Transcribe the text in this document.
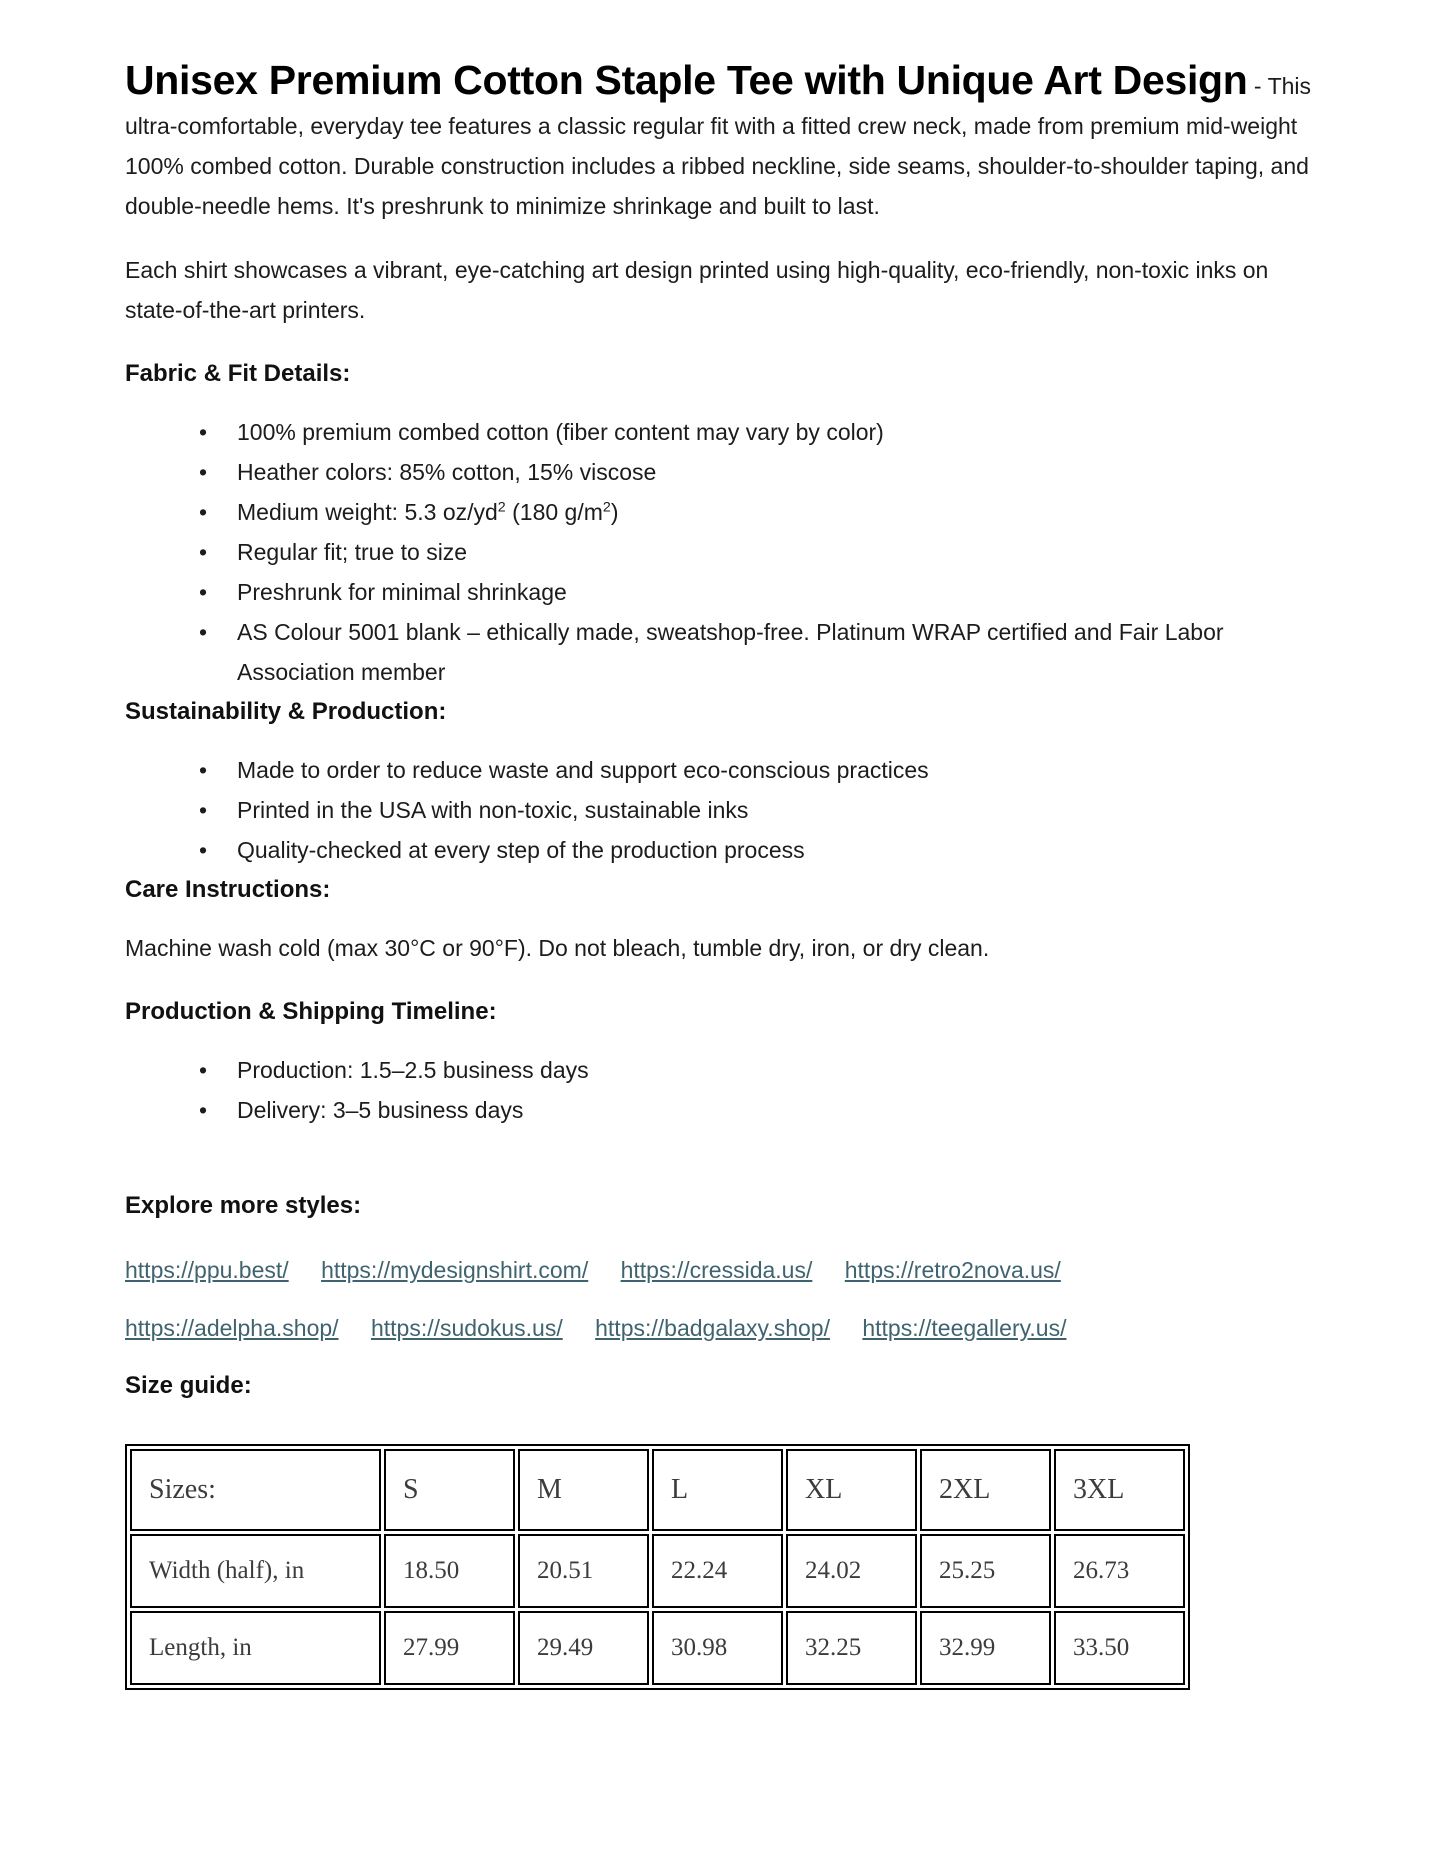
Unisex Premium Cotton Staple Tee with Unique Art Design - This ultra-comfortable, everyday tee features a classic regular fit with a fitted crew neck, made from premium mid-weight 100% combed cotton. Durable construction includes a ribbed neckline, side seams, shoulder-to-shoulder taping, and double-needle hems. It's preshrunk to minimize shrinkage and built to last.

Each shirt showcases a vibrant, eye-catching art design printed using high-quality, eco-friendly, non-toxic inks on state-of-the-art printers.

Fabric & Fit Details:
• 100% premium combed cotton (fiber content may vary by color)
• Heather colors: 85% cotton, 15% viscose
• Medium weight: 5.3 $oz/yd^2$ (180 $g/m^2$)
• Regular fit; true to size
• Preshrunk for minimal shrinkage
• AS Colour 5001 blank – ethically made, sweatshop-free. Platinum WRAP certified and Fair Labor Association member
Sustainability & Production:
• Made to order to reduce waste and support eco-conscious practices
• Printed in the USA with non-toxic, sustainable inks
• Quality-checked at every step of the production process
Care Instructions:

Machine wash cold (max 30°C or 90°F). Do not bleach, tumble dry, iron, or dry clean.

Production & Shipping Timeline:
• Production: 1.5–2.5 business days
• Delivery: 3–5 business days
Explore more styles:

https://ppu.best/ https://mydesignshirt.com/ https://cressida.us/ https://retro2nova.us/

https://adelpha.shop/ https://sudokus.us/ https://badgalaxy.shop/ https://teegallery.us/

Size guide:
Sizes:	S	M	L	XL	2XL	3XL
Width (half), in	18.50	20.51	22.24	24.02	25.25	26.73
Length, in	27.99	29.49	30.98	32.25	32.99	33.50
